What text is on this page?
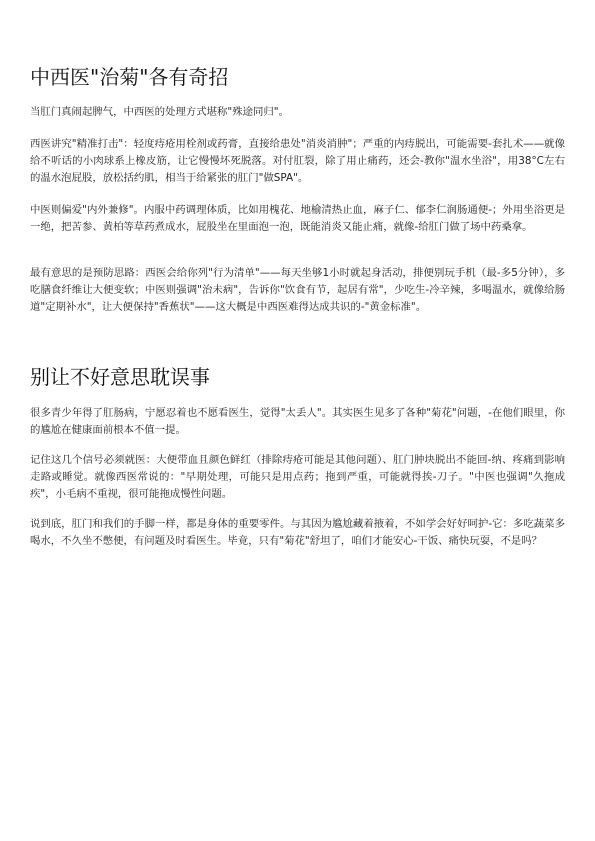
中西医"治菊"各有奇招

当肛门真闹起脾气，中西医的处理方式堪称"殊途同归"。

西医讲究"精准打击"：轻度痔疮用栓剂或药膏，直接给患处"消炎消肿"；严重的内痔脱出，可能需要-套扎术——就像给不听话的小肉球系上橡皮筋，让它慢慢坏死脱落。对付肛裂，除了用止痛药，还会-教你"温水坐浴"，用38°C左右的温水泡屁股，放松括约肌，相当于给紧张的肛门"做SPA"。

中医则偏爱"内外兼修"。内服中药调理体质，比如用槐花、地榆清热止血，麻子仁、郁李仁润肠通便-；外用坐浴更是一绝，把苦参、黄柏等草药煮成水，屁股坐在里面泡一泡，既能消炎又能止痛，就像-给肛门做了场中药桑拿。

最有意思的是预防思路：西医会给你列"行为清单"——每天坐够1小时就起身活动，排便别玩手机（最-多5分钟），多吃膳食纤维让大便变软；中医则强调"治未病"，告诉你"饮食有节，起居有常"，少吃生-冷辛辣，多喝温水，就像给肠道"定期补水"，让大便保持"香蕉状"——这大概是中西医难得达成共识的-"黄金标准"。

别让不好意思耽误事

很多青少年得了肛肠病，宁愿忍着也不愿看医生，觉得"太丢人"。其实医生见多了各种"菊花"问题，-在他们眼里，你的尴尬在健康面前根本不值一提。

记住这几个信号必须就医：大便带血且颜色鲜红（排除痔疮可能是其他问题）、肛门肿块脱出不能回-纳、疼痛到影响走路或睡觉。就像西医常说的："早期处理，可能只是用点药；拖到严重，可能就得挨-刀子。"中医也强调"久拖成疾"，小毛病不重视，很可能拖成慢性问题。

说到底，肛门和我们的手脚一样，都是身体的重要零件。与其因为尴尬藏着掖着，不如学会好好呵护-它：多吃蔬菜多喝水，不久坐不憋便，有问题及时看医生。毕竟，只有"菊花"舒坦了，咱们才能安心-干饭、痛快玩耍，不是吗？
